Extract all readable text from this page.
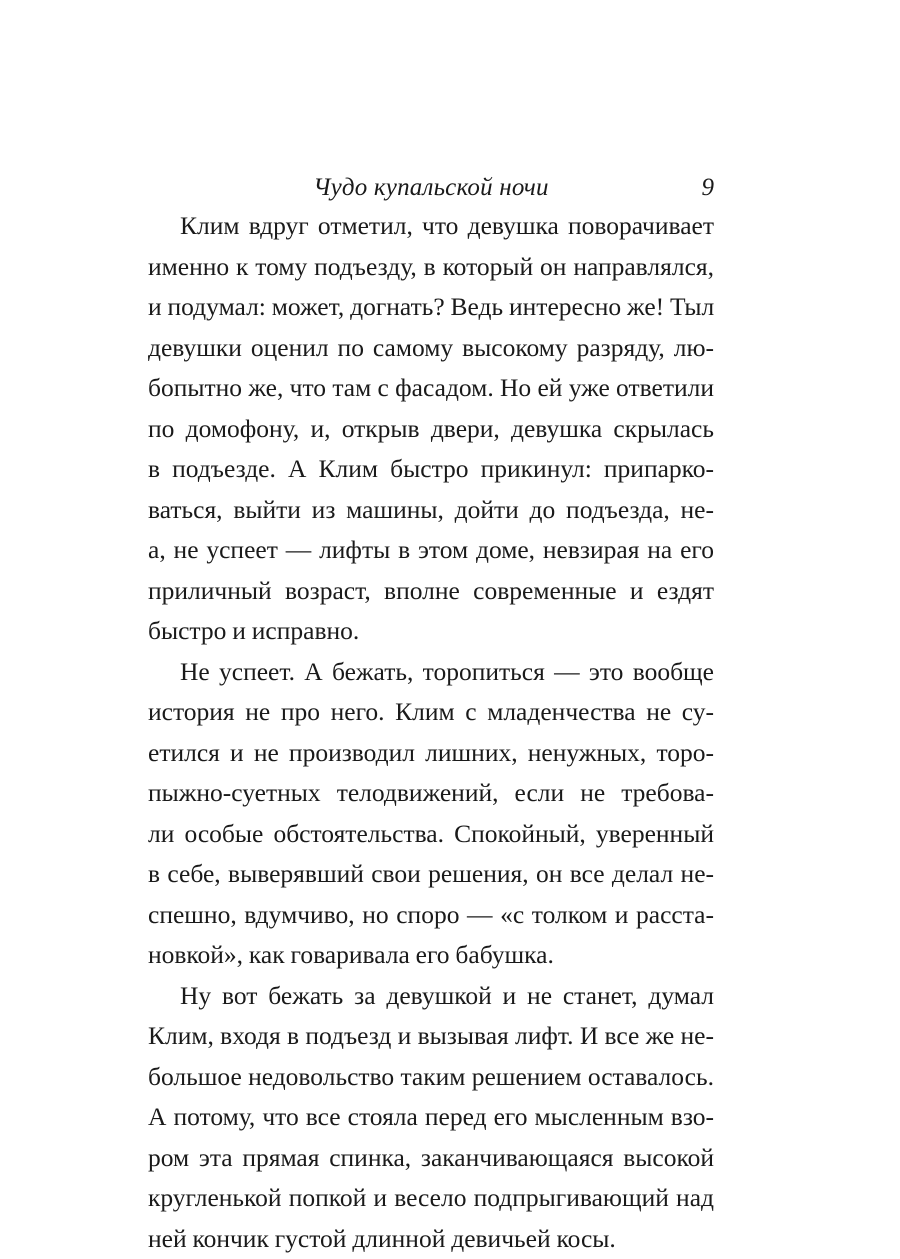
Чудо купальской ночи	9
Клим вдруг отметил, что девушка поворачивает
именно к тому подъезду, в который он направлялся,
и подумал: может, догнать? Ведь интересно же! Тыл
девушки оценил по самому высокому разряду, лю-
бопытно же, что там с фасадом. Но ей уже ответили
по домофону, и, открыв двери, девушка скрылась
в подъезде. А Клим быстро прикинул: припарко-
ваться, выйти из машины, дойти до подъезда, не-
а, не успеет — лифты в этом доме, невзирая на его
приличный возраст, вполне современные и ездят
быстро и исправно.
Не успеет. А бежать, торопиться — это вообще
история не про него. Клим с младенчества не су-
етился и не производил лишних, ненужных, торо-
пыжно-суетных телодвижений, если не требова-
ли особые обстоятельства. Спокойный, уверенный
в себе, выверявший свои решения, он все делал не-
спешно, вдумчиво, но споро — «с толком и расста-
новкой», как говаривала его бабушка.
Ну вот бежать за девушкой и не станет, думал
Клим, входя в подъезд и вызывая лифт. И все же не-
большое недовольство таким решением оставалось.
А потому, что все стояла перед его мысленным взо-
ром эта прямая спинка, заканчивающаяся высокой
кругленькой попкой и весело подпрыгивающий над
ней кончик густой длинной девичьей косы.
